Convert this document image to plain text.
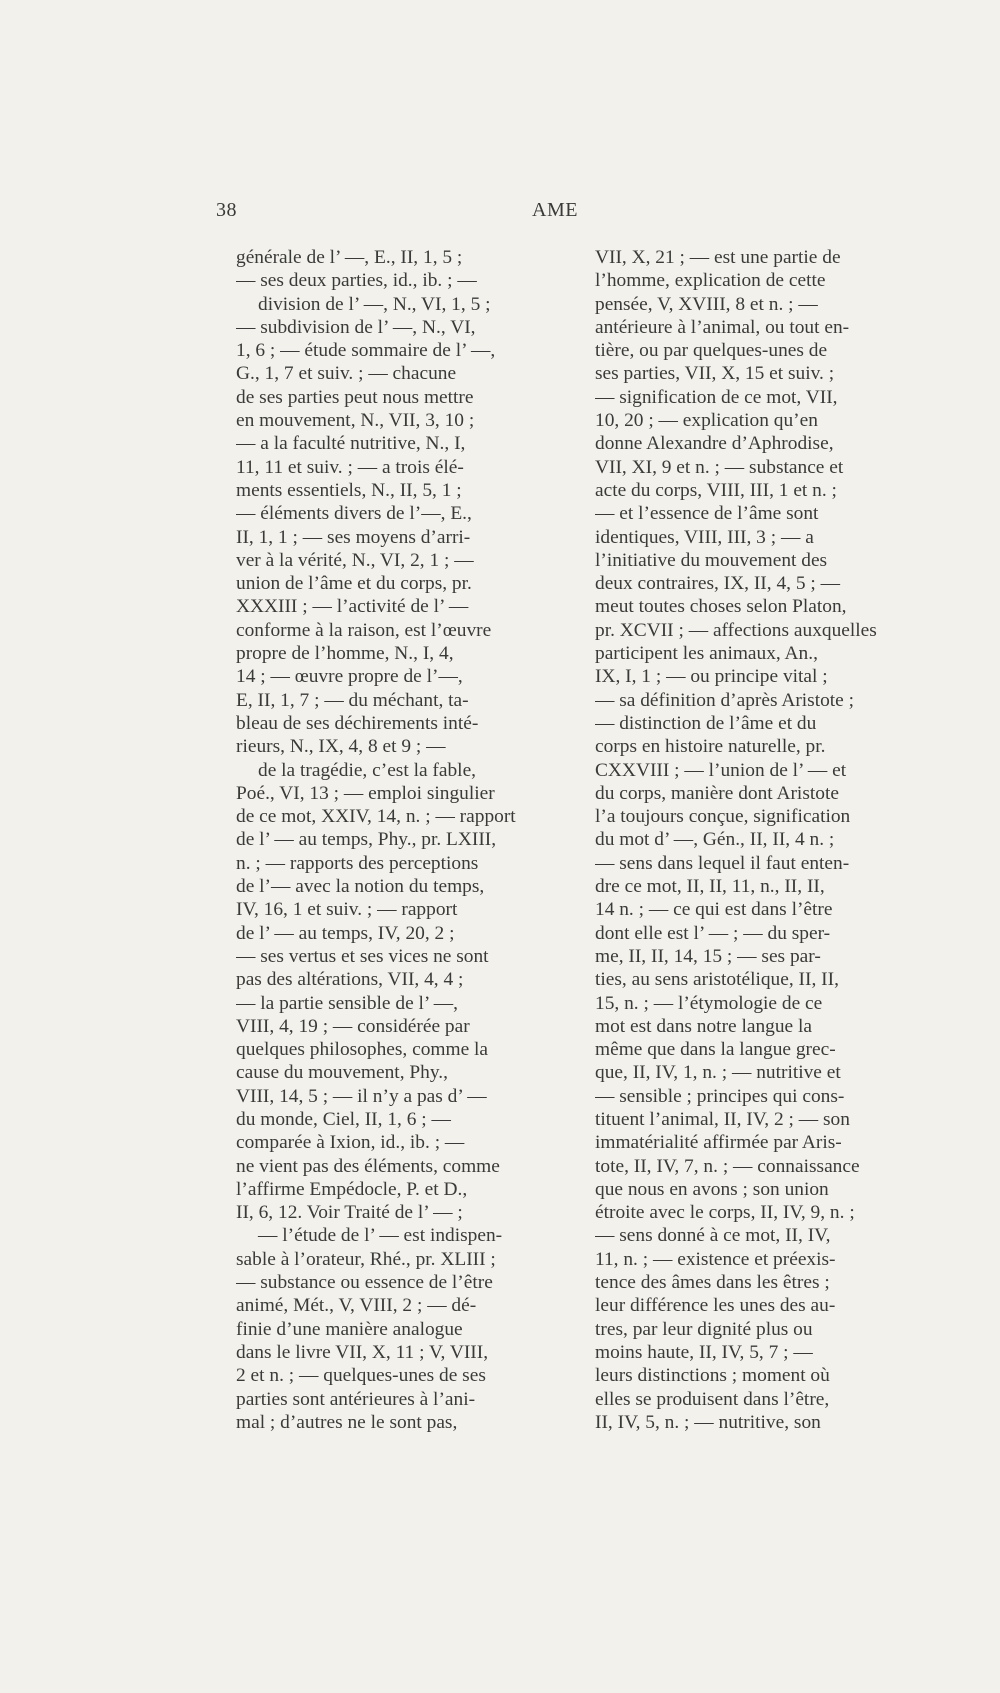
38	AME
générale de l’ —, E., II, 1, 5 ;
— ses deux parties, id., ib. ; —
division de l’ —, N., VI, 1, 5 ;
— subdivision de l’ —, N., VI,
1, 6 ; — étude sommaire de l’ —,
G., 1, 7 et suiv. ; — chacune
de ses parties peut nous mettre
en mouvement, N., VII, 3, 10 ;
— a la faculté nutritive, N., I,
11, 11 et suiv. ; — a trois élé-
ments essentiels, N., II, 5, 1 ;
— éléments divers de l’—, E.,
II, 1, 1 ; — ses moyens d’arri-
ver à la vérité, N., VI, 2, 1 ; —
union de l’âme et du corps, pr.
XXXIII ; — l’activité de l’ —
conforme à la raison, est l’œuvre
propre de l’homme, N., I, 4,
14 ; — œuvre propre de l’—,
E, II, 1, 7 ; — du méchant, ta-
bleau de ses déchirements inté-
rieurs, N., IX, 4, 8 et 9 ; —
de la tragédie, c’est la fable,
Poé., VI, 13 ; — emploi singulier
de ce mot, XXIV, 14, n. ; — rapport
de l’ — au temps, Phy., pr. LXIII,
n. ; — rapports des perceptions
de l’— avec la notion du temps,
IV, 16, 1 et suiv. ; — rapport
de l’ — au temps, IV, 20, 2 ;
— ses vertus et ses vices ne sont
pas des altérations, VII, 4, 4 ;
— la partie sensible de l’ —,
VIII, 4, 19 ; — considérée par
quelques philosophes, comme la
cause du mouvement, Phy.,
VIII, 14, 5 ; — il n’y a pas d’ —
du monde, Ciel, II, 1, 6 ; —
comparée à Ixion, id., ib. ; —
ne vient pas des éléments, comme
l’affirme Empédocle, P. et D.,
II, 6, 12. Voir Traité de l’ — ;
— l’étude de l’ — est indispen-
sable à l’orateur, Rhé., pr. XLIII ;
— substance ou essence de l’être
animé, Mét., V, VIII, 2 ; — dé-
finie d’une manière analogue
dans le livre VII, X, 11 ; V, VIII,
2 et n. ; — quelques-unes de ses
parties sont antérieures à l’ani-
mal ; d’autres ne le sont pas,
VII, X, 21 ; — est une partie de
l’homme, explication de cette
pensée, V, XVIII, 8 et n. ; —
antérieure à l’animal, ou tout en-
tière, ou par quelques-unes de
ses parties, VII, X, 15 et suiv. ;
— signification de ce mot, VII,
10, 20 ; — explication qu’en
donne Alexandre d’Aphrodise,
VII, XI, 9 et n. ; — substance et
acte du corps, VIII, III, 1 et n. ;
— et l’essence de l’âme sont
identiques, VIII, III, 3 ; — a
l’initiative du mouvement des
deux contraires, IX, II, 4, 5 ; —
meut toutes choses selon Platon,
pr. XCVII ; — affections auxquelles
participent les animaux, An.,
IX, I, 1 ; — ou principe vital ;
— sa définition d’après Aristote ;
— distinction de l’âme et du
corps en histoire naturelle, pr.
CXXVIII ; — l’union de l’ — et
du corps, manière dont Aristote
l’a toujours conçue, signification
du mot d’ —, Gén., II, II, 4 n. ;
— sens dans lequel il faut enten-
dre ce mot, II, II, 11, n., II, II,
14 n. ; — ce qui est dans l’être
dont elle est l’ — ; — du sper-
me, II, II, 14, 15 ; — ses par-
ties, au sens aristotélique, II, II,
15, n. ; — l’étymologie de ce
mot est dans notre langue la
même que dans la langue grec-
que, II, IV, 1, n. ; — nutritive et
— sensible ; principes qui cons-
tituent l’animal, II, IV, 2 ; — son
immatérialité affirmée par Aris-
tote, II, IV, 7, n. ; — connaissance
que nous en avons ; son union
étroite avec le corps, II, IV, 9, n. ;
— sens donné à ce mot, II, IV,
11, n. ; — existence et préexis-
tence des âmes dans les êtres ;
leur différence les unes des au-
tres, par leur dignité plus ou
moins haute, II, IV, 5, 7 ; —
leurs distinctions ; moment où
elles se produisent dans l’être,
II, IV, 5, n. ; — nutritive, son
